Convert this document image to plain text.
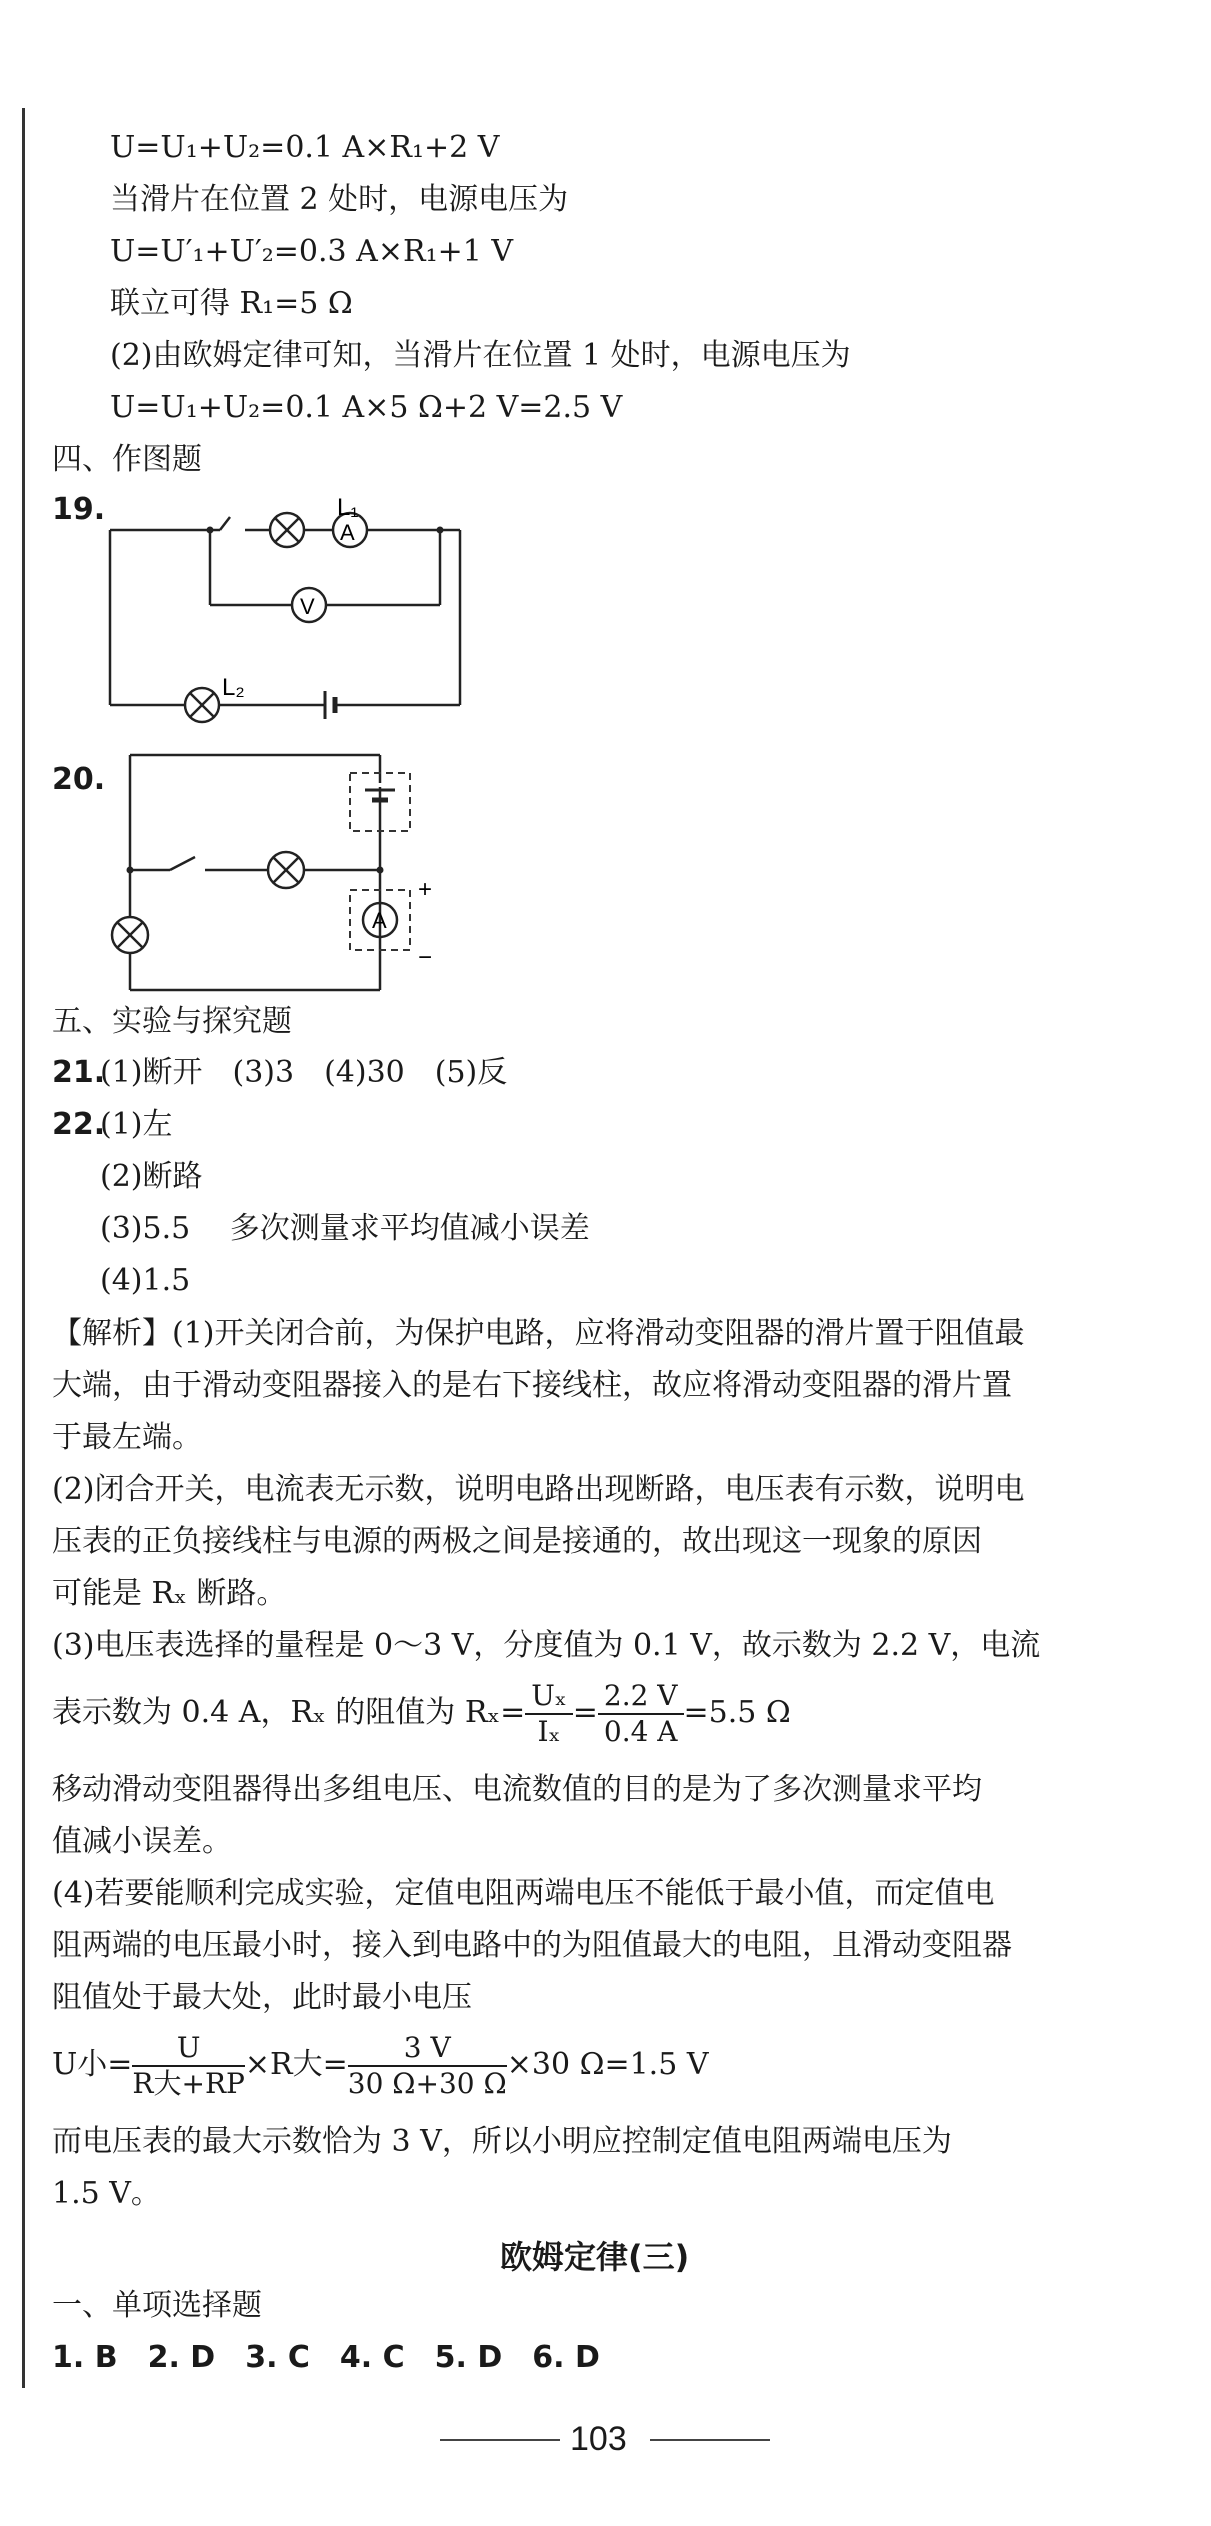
U=U₁+U₂=0.1 A×R₁+2 V
当滑片在位置 2 处时，电源电压为
U=U′₁+U′₂=0.3 A×R₁+1 V
联立可得 R₁=5 Ω
(2)由欧姆定律可知，当滑片在位置 1 处时，电源电压为
U=U₁+U₂=0.1 A×5 Ω+2 V=2.5 V
四、作图题
19.
A
V
L₁
L₂
20.
A
+
−
五、实验与探究题
21.
(1)断开　(3)3　(4)30　(5)反
22.
(1)左
(2)断路
(3)5.5　 多次测量求平均值减小误差
(4)1.5
【解析】(1)开关闭合前，为保护电路，应将滑动变阻器的滑片置于阻值最
大端，由于滑动变阻器接入的是右下接线柱，故应将滑动变阻器的滑片置
于最左端。
(2)闭合开关，电流表无示数，说明电路出现断路，电压表有示数，说明电
压表的正负接线柱与电源的两极之间是接通的，故出现这一现象的原因
可能是 Rₓ 断路。
(3)电压表选择的量程是 0～3 V，分度值为 0.1 V，故示数为 2.2 V，电流
表示数为 0.4 A，Rₓ 的阻值为 $R_x= \frac{\text{Uₓ}}{\text{Iₓ}} = \frac{2.2 V}{0.4 A} =5.5$ Ω
移动滑动变阻器得出多组电压、电流数值的目的是为了多次测量求平均
值减小误差。
(4)若要能顺利完成实验，定值电阻两端电压不能低于最小值，而定值电
阻两端的电压最小时，接入到电路中的为阻值最大的电阻，且滑动变阻器
阻值处于最大处，此时最小电压
U小= $\frac{U}{\text{R大+RP}} \times R$大= $\frac{3 V}{30 \Omega+30 \Omega} \times 30$ Ω=1.5 V
而电压表的最大示数恰为 3 V，所以小明应控制定值电阻两端电压为
1.5 V。
欧姆定律(三)
一、单项选择题
1. B　2. D　3. C　4. C　5. D　6. D
103
